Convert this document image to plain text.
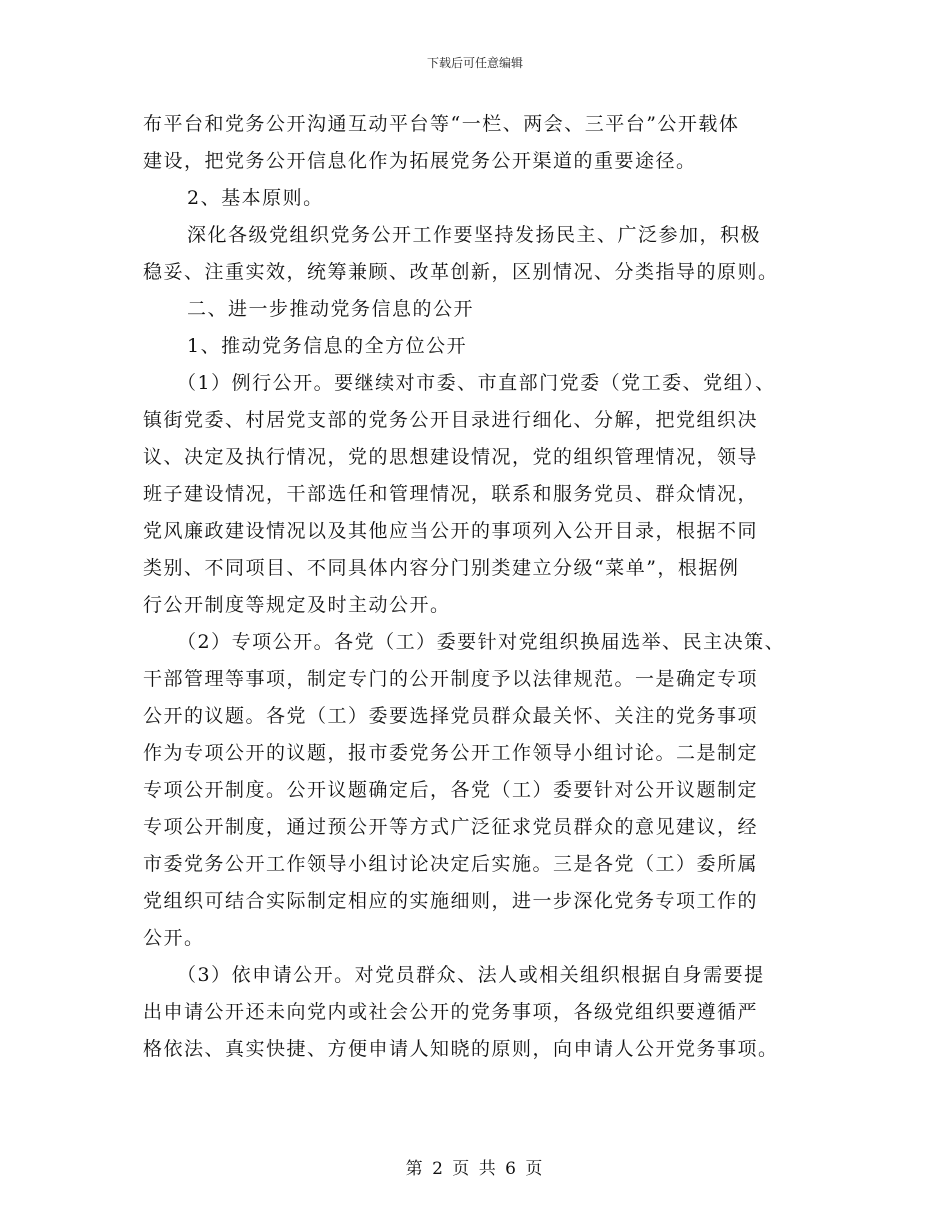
下载后可任意编辑
布平台和党务公开沟通互动平台等“一栏、两会、三平台”公开载体
建设，把党务公开信息化作为拓展党务公开渠道的重要途径。
2、基本原则。
深化各级党组织党务公开工作要坚持发扬民主、广泛参加，积极
稳妥、注重实效，统筹兼顾、改革创新，区别情况、分类指导的原则。
二、进一步推动党务信息的公开
1、推动党务信息的全方位公开
（1）例行公开。要继续对市委、市直部门党委（党工委、党组）、
镇街党委、村居党支部的党务公开目录进行细化、分解，把党组织决
议、决定及执行情况，党的思想建设情况，党的组织管理情况，领导
班子建设情况，干部选任和管理情况，联系和服务党员、群众情况，
党风廉政建设情况以及其他应当公开的事项列入公开目录，根据不同
类别、不同项目、不同具体内容分门别类建立分级“菜单”，根据例
行公开制度等规定及时主动公开。
（2）专项公开。各党（工）委要针对党组织换届选举、民主决策、
干部管理等事项，制定专门的公开制度予以法律规范。一是确定专项
公开的议题。各党（工）委要选择党员群众最关怀、关注的党务事项
作为专项公开的议题，报市委党务公开工作领导小组讨论。二是制定
专项公开制度。公开议题确定后，各党（工）委要针对公开议题制定
专项公开制度，通过预公开等方式广泛征求党员群众的意见建议，经
市委党务公开工作领导小组讨论决定后实施。三是各党（工）委所属
党组织可结合实际制定相应的实施细则，进一步深化党务专项工作的
公开。
（3）依申请公开。对党员群众、法人或相关组织根据自身需要提
出申请公开还未向党内或社会公开的党务事项，各级党组织要遵循严
格依法、真实快捷、方便申请人知晓的原则，向申请人公开党务事项。
第 2 页 共 6 页
